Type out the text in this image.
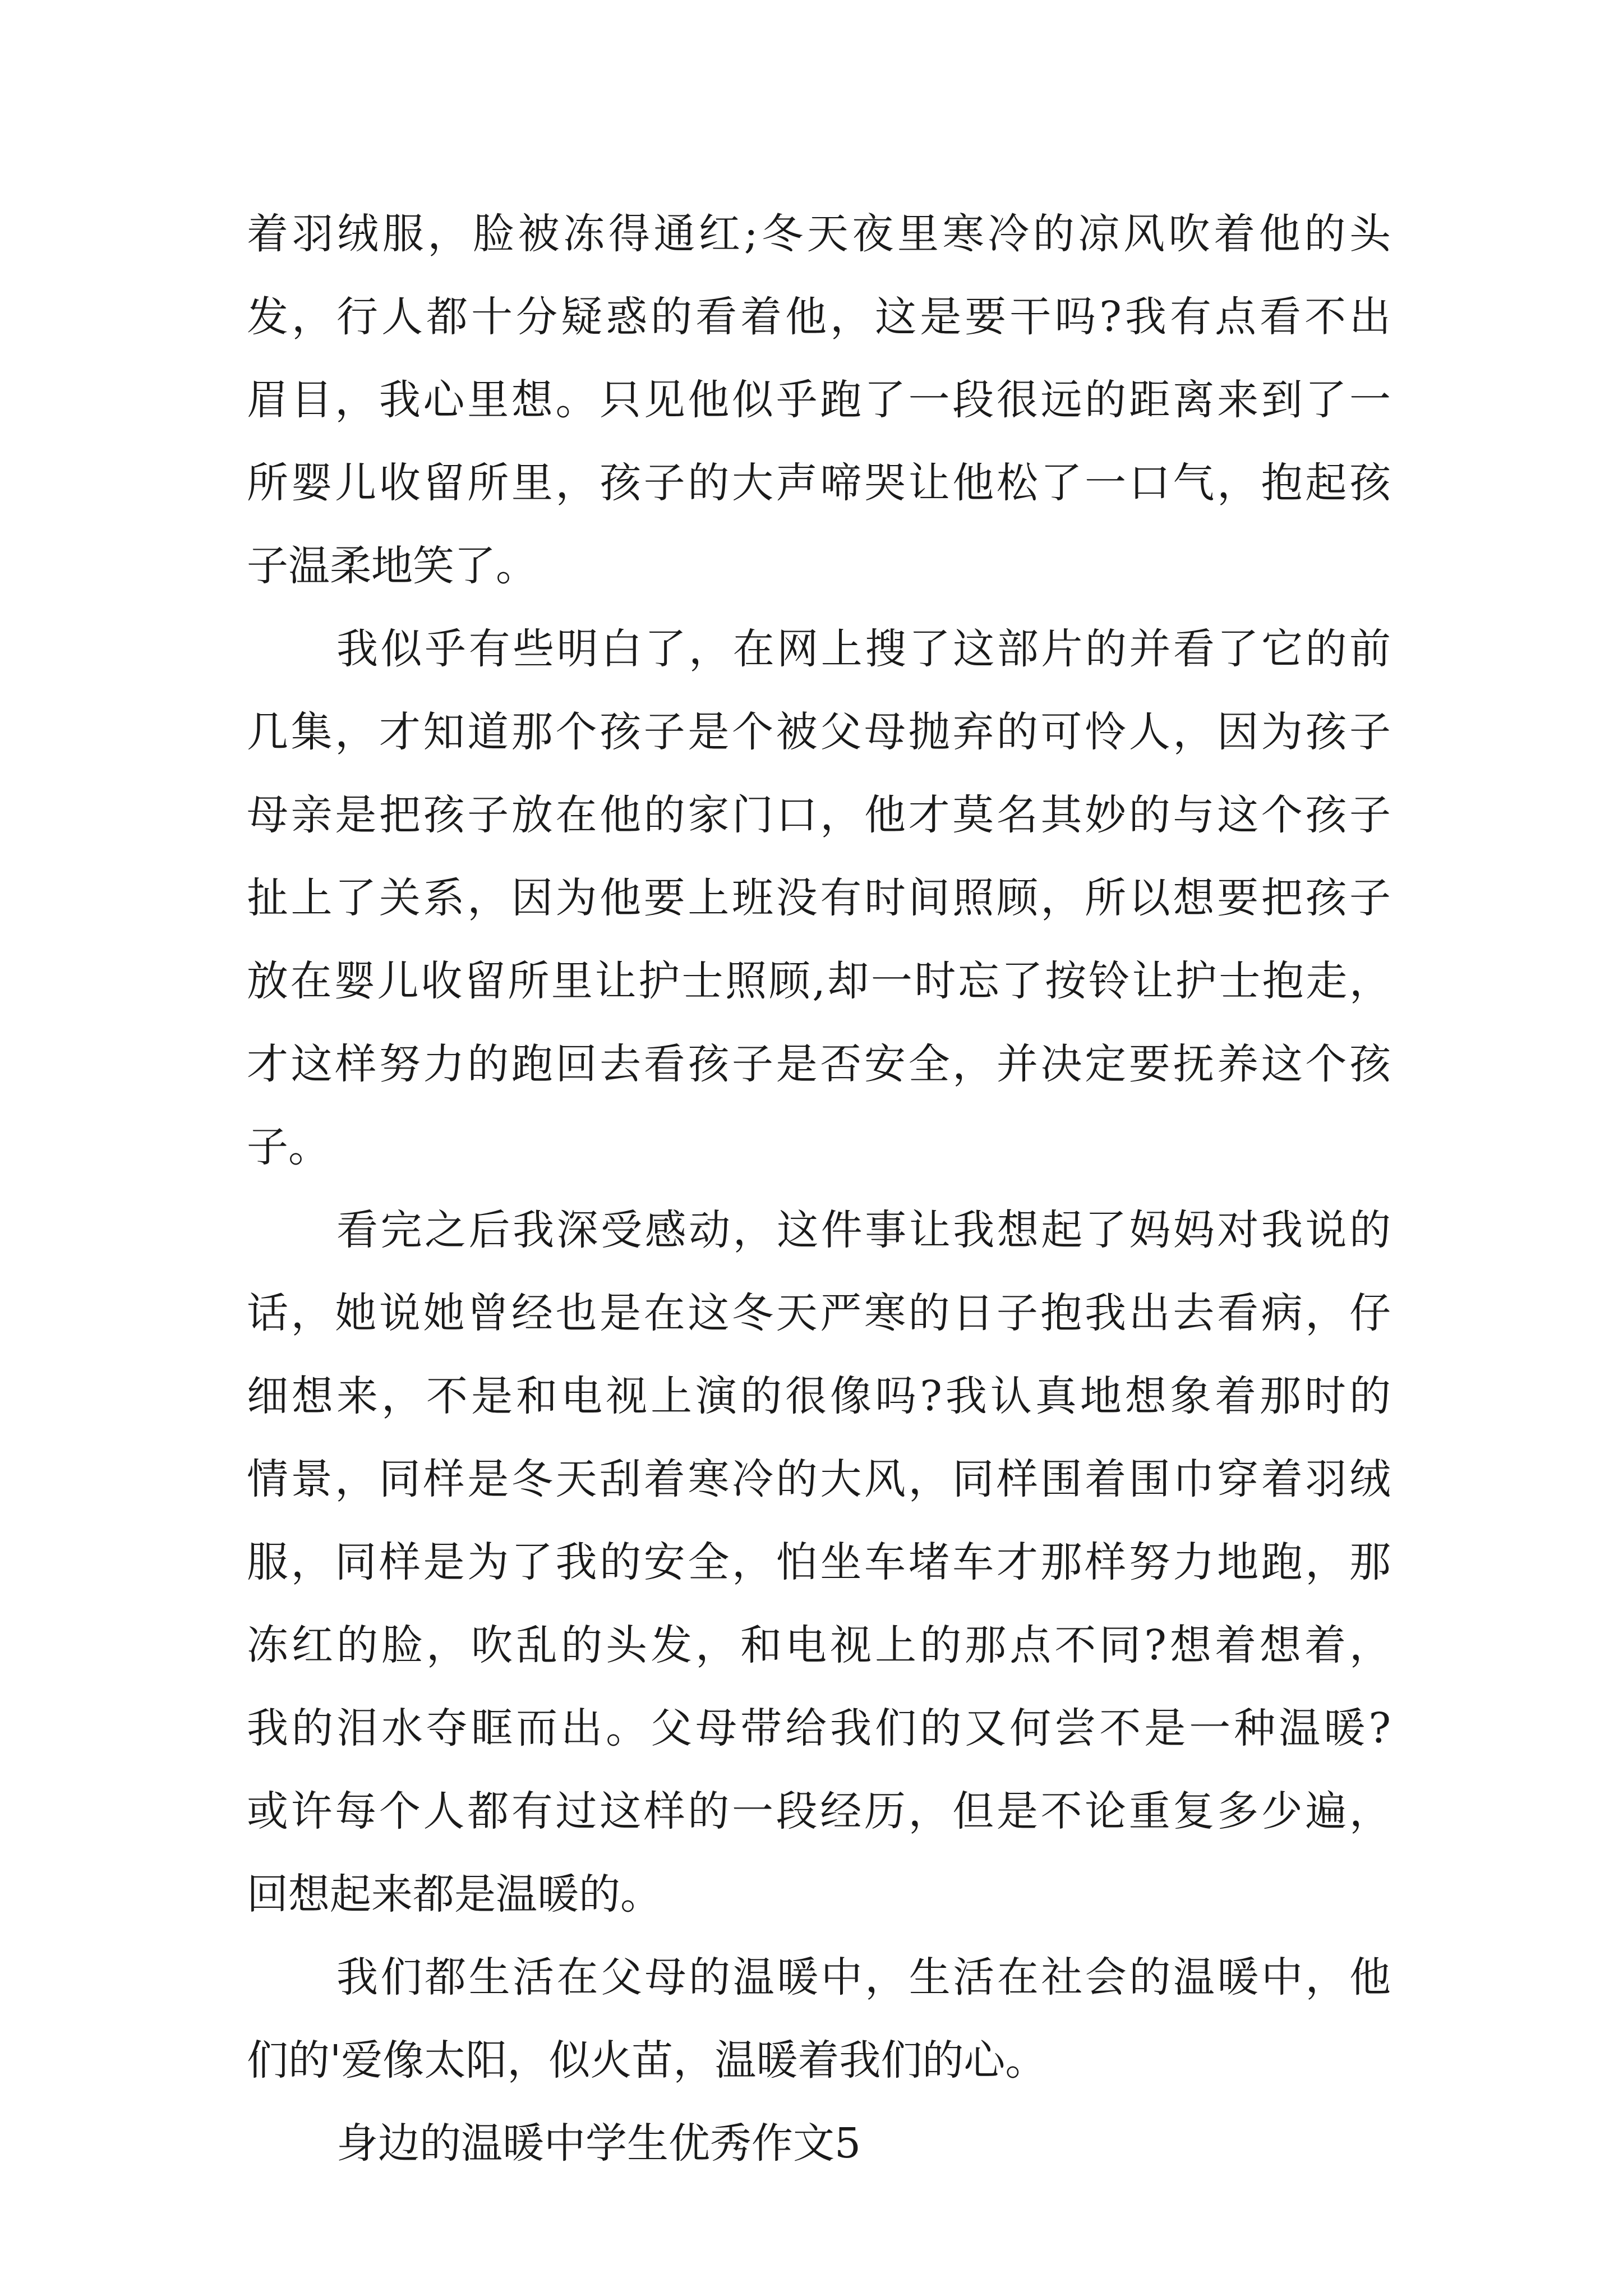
着羽绒服，脸被冻得通红;冬天夜里寒冷的凉风吹着他的头
发，行人都十分疑惑的看着他，这是要干吗?我有点看不出
眉目，我心里想。只见他似乎跑了一段很远的距离来到了一
所婴儿收留所里，孩子的大声啼哭让他松了一口气，抱起孩
子温柔地笑了。
我似乎有些明白了，在网上搜了这部片的并看了它的前
几集，才知道那个孩子是个被父母抛弃的可怜人，因为孩子
母亲是把孩子放在他的家门口，他才莫名其妙的与这个孩子
扯上了关系，因为他要上班没有时间照顾，所以想要把孩子
放在婴儿收留所里让护士照顾,却一时忘了按铃让护士抱走，
才这样努力的跑回去看孩子是否安全，并决定要抚养这个孩
子。
看完之后我深受感动，这件事让我想起了妈妈对我说的
话，她说她曾经也是在这冬天严寒的日子抱我出去看病，仔
细想来，不是和电视上演的很像吗?我认真地想象着那时的
情景，同样是冬天刮着寒冷的大风，同样围着围巾穿着羽绒
服，同样是为了我的安全，怕坐车堵车才那样努力地跑，那
冻红的脸，吹乱的头发，和电视上的那点不同?想着想着，
我的泪水夺眶而出。父母带给我们的又何尝不是一种温暖?
或许每个人都有过这样的一段经历，但是不论重复多少遍，
回想起来都是温暖的。
我们都生活在父母的温暖中，生活在社会的温暖中，他
们的'爱像太阳，似火苗，温暖着我们的心。
身边的温暖中学生优秀作文5
